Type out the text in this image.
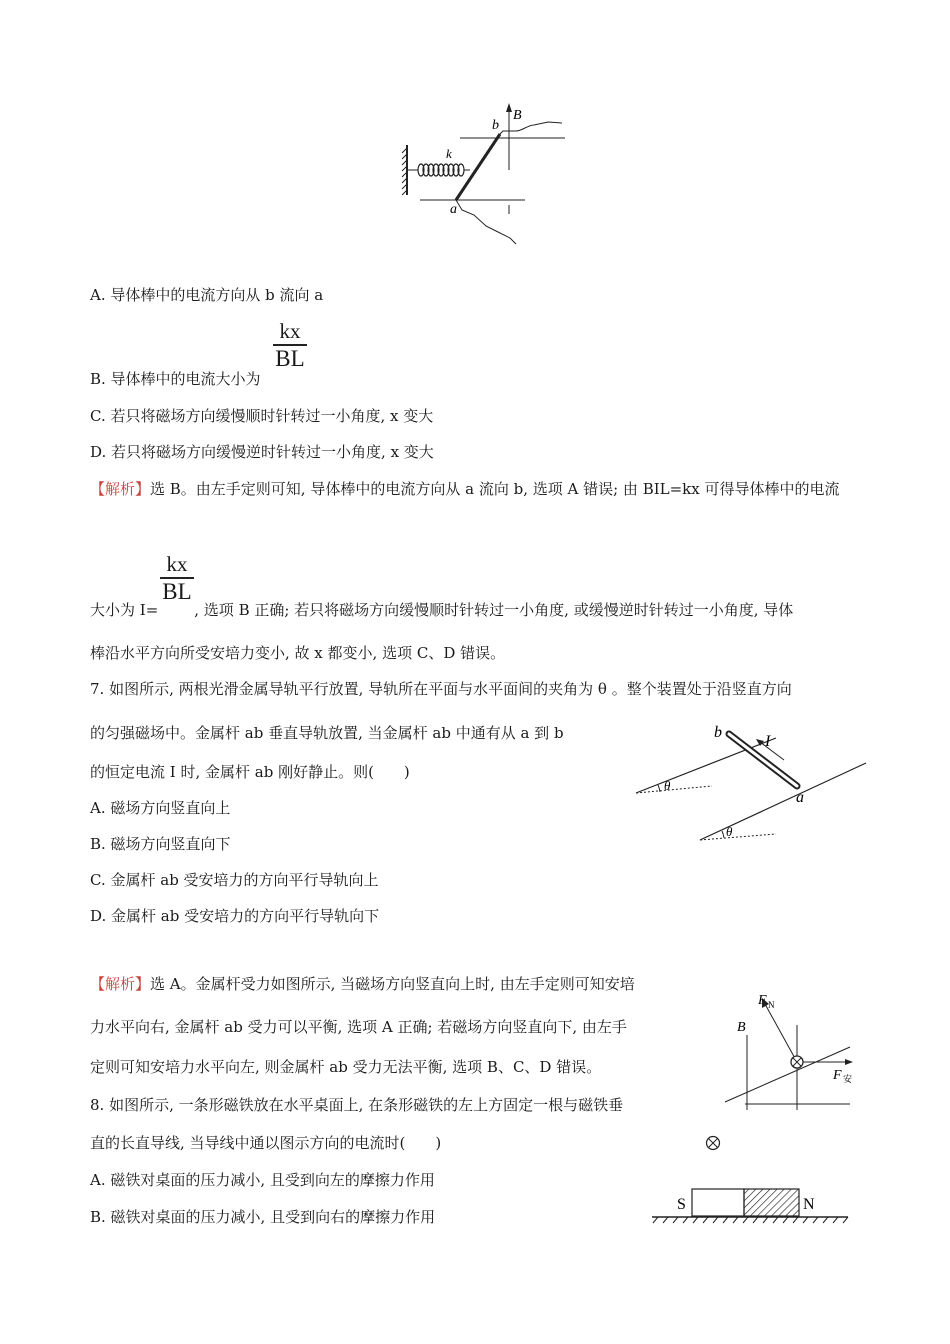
b
B
k
a
A. 导体棒中的电流方向从 b 流向 a
kx
BL
B. 导体棒中的电流大小为
C. 若只将磁场方向缓慢顺时针转过一小角度, x 变大
D. 若只将磁场方向缓慢逆时针转过一小角度, x 变大
【解析】选 B。由左手定则可知, 导体棒中的电流方向从 a 流向 b, 选项 A 错误; 由 BIL=kx 可得导体棒中的电流
kx
BL
大小为 I= , 选项 B 正确; 若只将磁场方向缓慢顺时针转过一小角度, 或缓慢逆时针转过一小角度, 导体
棒沿水平方向所受安培力变小, 故 x 都变小, 选项 C、D 错误。
7. 如图所示, 两根光滑金属导轨平行放置, 导轨所在平面与水平面间的夹角为 θ 。整个装置处于沿竖直方向
的匀强磁场中。金属杆 ab 垂直导轨放置, 当金属杆 ab 中通有从 a 到 b
的恒定电流 I 时, 金属杆 ab 刚好静止。则(　　)
A. 磁场方向竖直向上
B. 磁场方向竖直向下
C. 金属杆 ab 受安培力的方向平行导轨向上
D. 金属杆 ab 受安培力的方向平行导轨向下
b
I
θ
a
θ
【解析】选 A。金属杆受力如图所示, 当磁场方向竖直向上时, 由左手定则可知安培
力水平向右, 金属杆 ab 受力可以平衡, 选项 A 正确; 若磁场方向竖直向下, 由左手
定则可知安培力水平向左, 则金属杆 ab 受力无法平衡, 选项 B、C、D 错误。
F N
B
F 安
8. 如图所示, 一条形磁铁放在水平桌面上, 在条形磁铁的左上方固定一根与磁铁垂
直的长直导线, 当导线中通以图示方向的电流时(　　)
A. 磁铁对桌面的压力减小, 且受到向左的摩擦力作用
B. 磁铁对桌面的压力减小, 且受到向右的摩擦力作用
S	N
